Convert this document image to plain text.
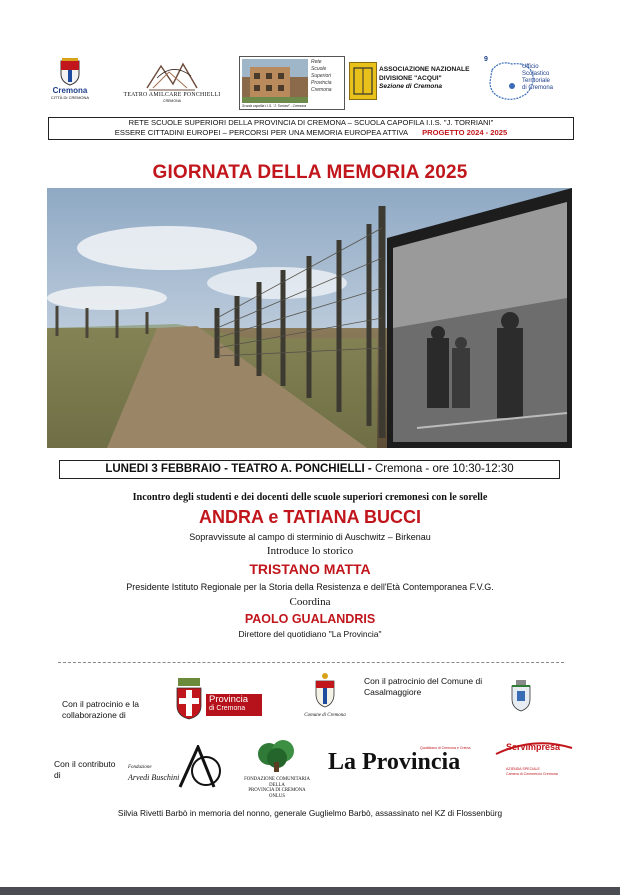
Cremona
CITTÀ DI CREMONA	TEATRO AMILCARE PONCHIELLI
CREMONA
Rete
Scuole
Superiori
Provincia
Cremona
Scuola capofila I.I.S. "J. Torriani" - Cremona
ASSOCIAZIONE NAZIONALE
DIVISIONE "ACQUI"
Sezione di Cremona
9
Ufficio
Scolastico
Territoriale
di Cremona
RETE SCUOLE SUPERIORI DELLA PROVINCIA DI CREMONA – SCUOLA CAPOFILA I.I.S. "J. TORRIANI"
ESSERE CITTADINI EUROPEI – PERCORSI PER UNA MEMORIA EUROPEA ATTIVA PROGETTO 2024 - 2025
GIORNATA DELLA MEMORIA 2025
LUNEDI 3 FEBBRAIO - TEATRO A. PONCHIELLI - Cremona - ore 10:30-12:30
Incontro degli studenti e dei docenti delle scuole superiori cremonesi con le sorelle
ANDRA e TATIANA BUCCI
Sopravvissute al campo di sterminio di Auschwitz – Birkenau
Introduce lo storico
TRISTANO MATTA
Presidente Istituto Regionale per la Storia della Resistenza e dell'Età Contemporanea F.V.G.
Coordina
PAOLO GUALANDRIS
Direttore del quotidiano "La Provincia"
Con il patrocinio e la collaborazione di
Provincia
di Cremona
Comune di Cremona
Con il patrocinio del Comune di Casalmaggiore
Con il contributo di
Fondazione
Arvedi Buschini	FONDAZIONE COMUNITARIA DELLA
PROVINCIA DI CREMONA
ONLUS
Quotidiano di Cremona e Crema
La Provincia
Servimpresa
AZIENDA SPECIALE
Camera di Commercio Cremona
Silvia Rivetti Barbò in memoria del nonno, generale Guglielmo Barbò, assassinato nel KZ di Flossenbürg
